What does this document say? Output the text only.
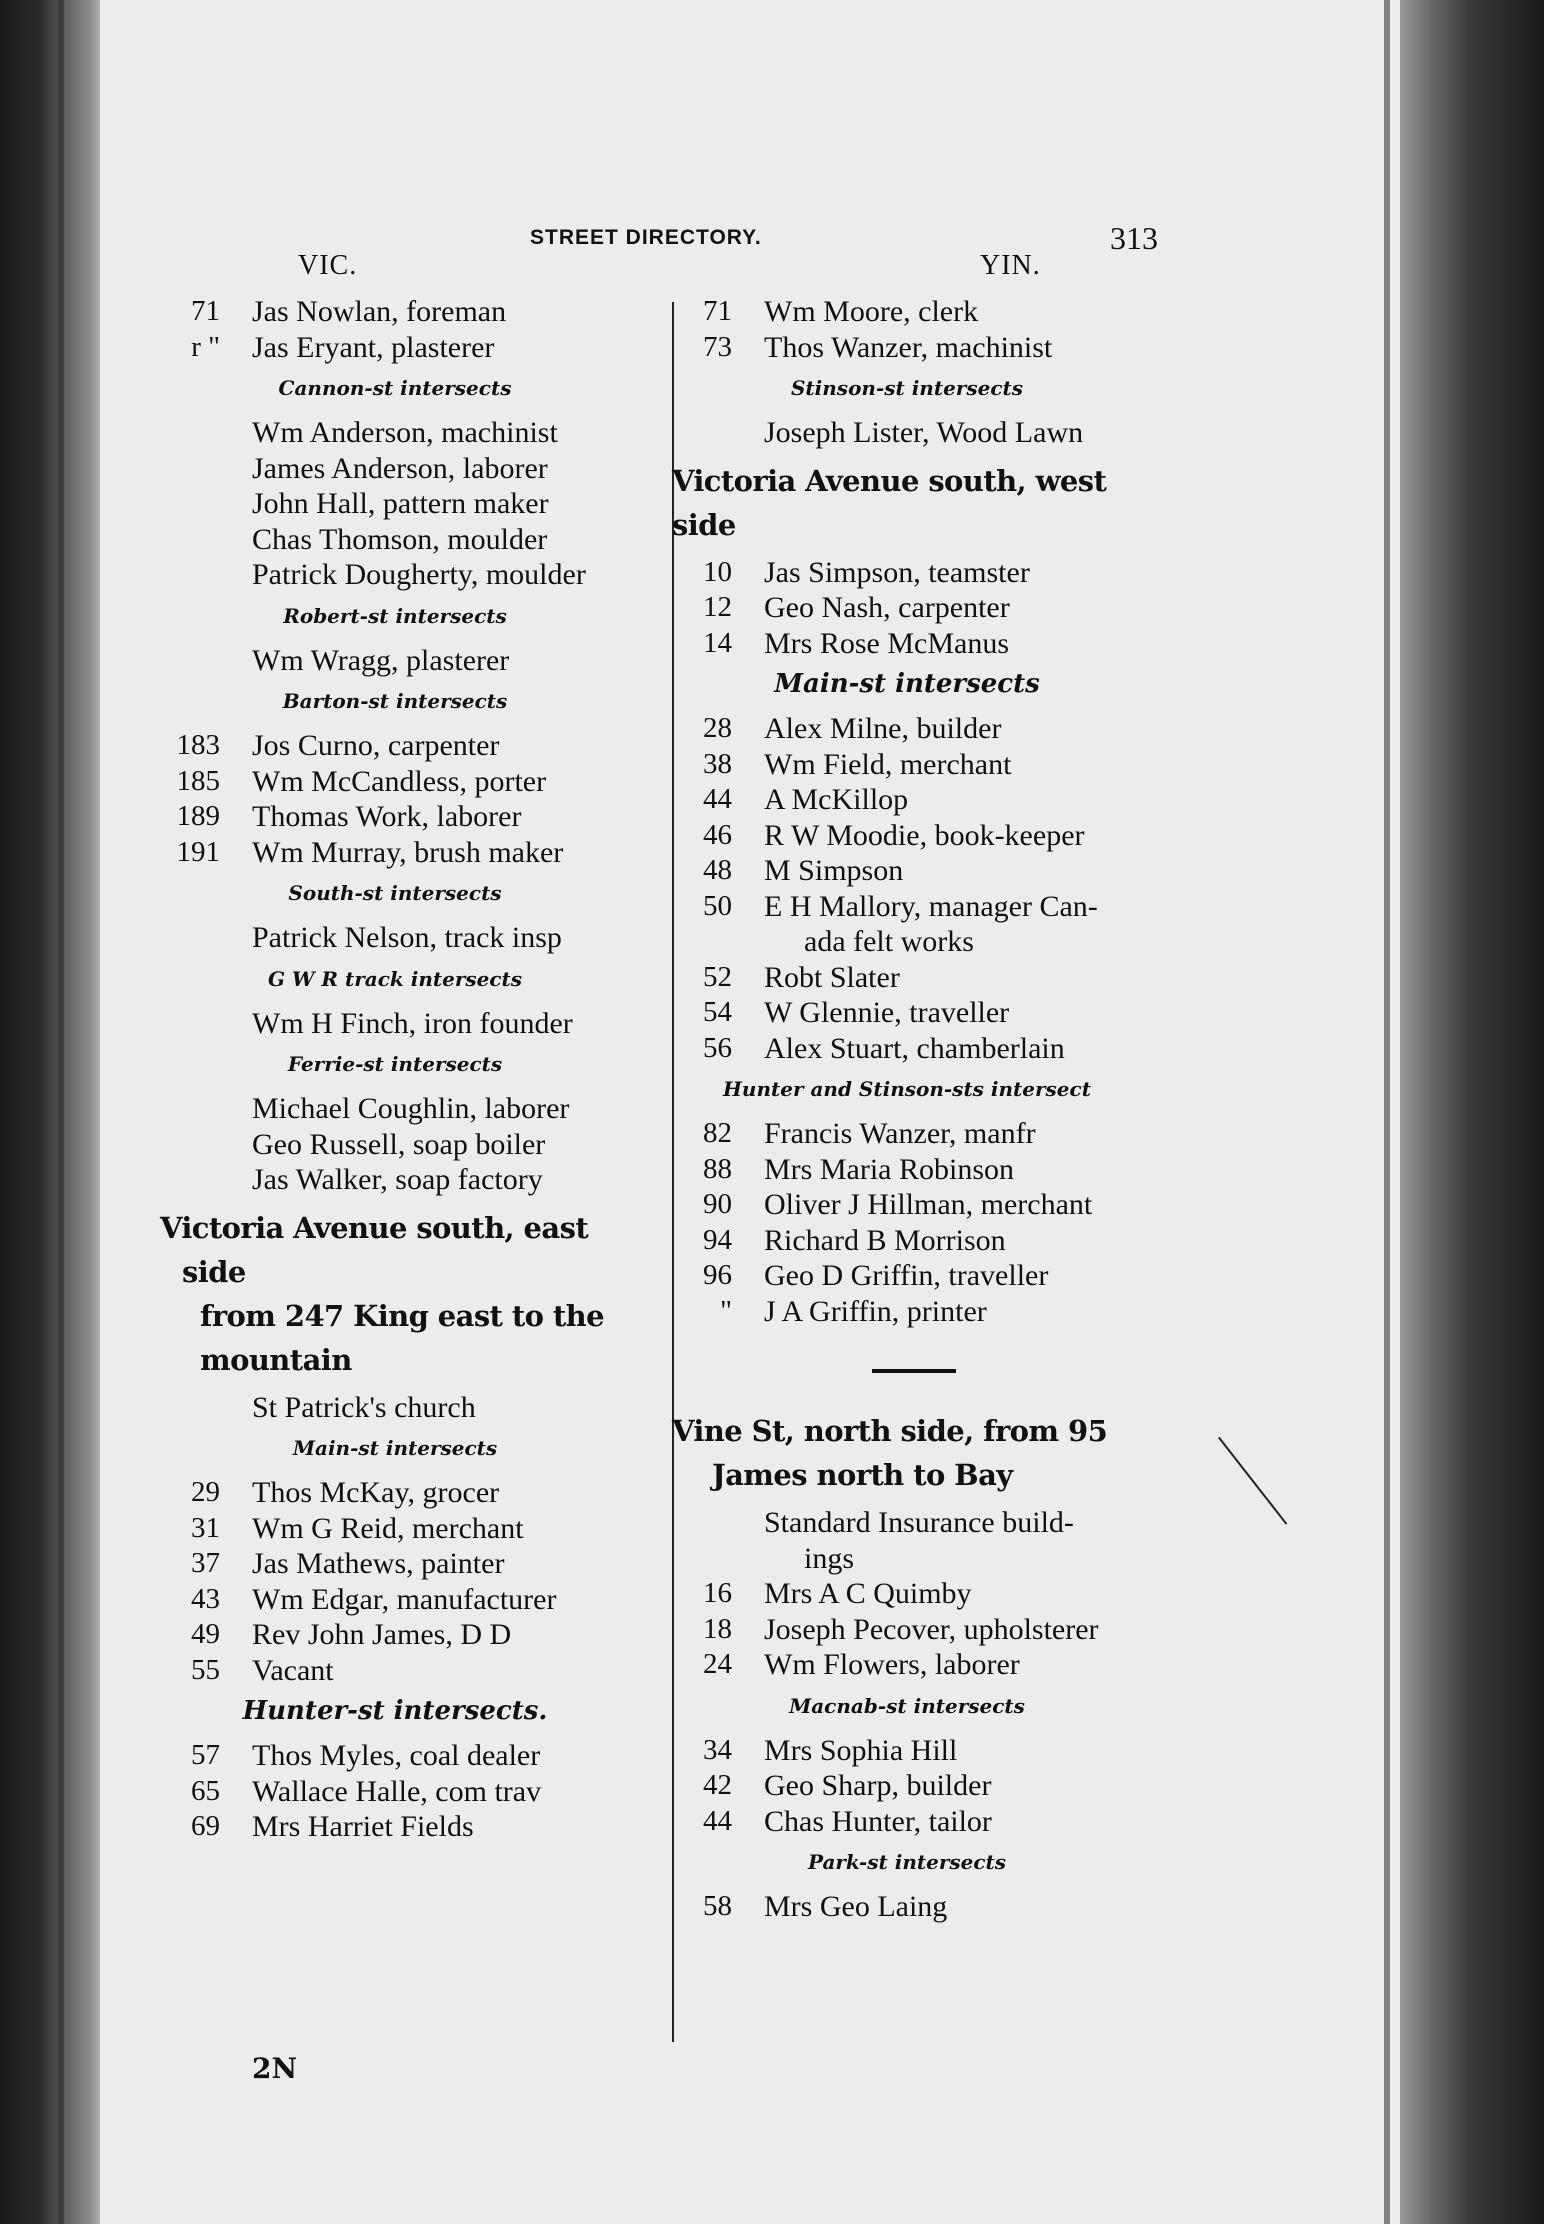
STREET DIRECTORY.	313
VIC.	YIN.
71 Jas Nowlan, foreman
r " Jas Eryant, plasterer
Cannon-st intersects
Wm Anderson, machinist
James Anderson, laborer
John Hall, pattern maker
Chas Thomson, moulder
Patrick Dougherty, moulder
Robert-st intersects
Wm Wragg, plasterer
Barton-st intersects
183 Jos Curno, carpenter
185 Wm McCandless, porter
189 Thomas Work, laborer
191 Wm Murray, brush maker
South-st intersects
Patrick Nelson, track insp
G W R track intersects
Wm H Finch, iron founder
Ferrie-st intersects
Michael Coughlin, laborer
Geo Russell, soap boiler
Jas Walker, soap factory
Victoria Avenue south, east side
from 247 King east to the
mountain
St Patrick's church
Main-st intersects
29 Thos McKay, grocer
31 Wm G Reid, merchant
37 Jas Mathews, painter
43 Wm Edgar, manufacturer
49 Rev John James, D D
55 Vacant
Hunter-st intersects.
57 Thos Myles, coal dealer
65 Wallace Halle, com trav
69 Mrs Harriet Fields
71 Wm Moore, clerk
73 Thos Wanzer, machinist
Stinson-st intersects
Joseph Lister, Wood Lawn
Victoria Avenue south, west side
10 Jas Simpson, teamster
12 Geo Nash, carpenter
14 Mrs Rose McManus
Main-st intersects
28 Alex Milne, builder
38 Wm Field, merchant
44 A McKillop
46 R W Moodie, book-keeper
48 M Simpson
50 E H Mallory, manager Can-
ada felt works
52 Robt Slater
54 W Glennie, traveller
56 Alex Stuart, chamberlain
Hunter and Stinson-sts intersect
82 Francis Wanzer, manfr
88 Mrs Maria Robinson
90 Oliver J Hillman, merchant
94 Richard B Morrison
96 Geo D Griffin, traveller
" J A Griffin, printer
Vine St, north side, from 95
James north to Bay
Standard Insurance build-
ings
16 Mrs A C Quimby
18 Joseph Pecover, upholsterer
24 Wm Flowers, laborer
Macnab-st intersects
34 Mrs Sophia Hill
42 Geo Sharp, builder
44 Chas Hunter, tailor
Park-st intersects
58 Mrs Geo Laing
2N
